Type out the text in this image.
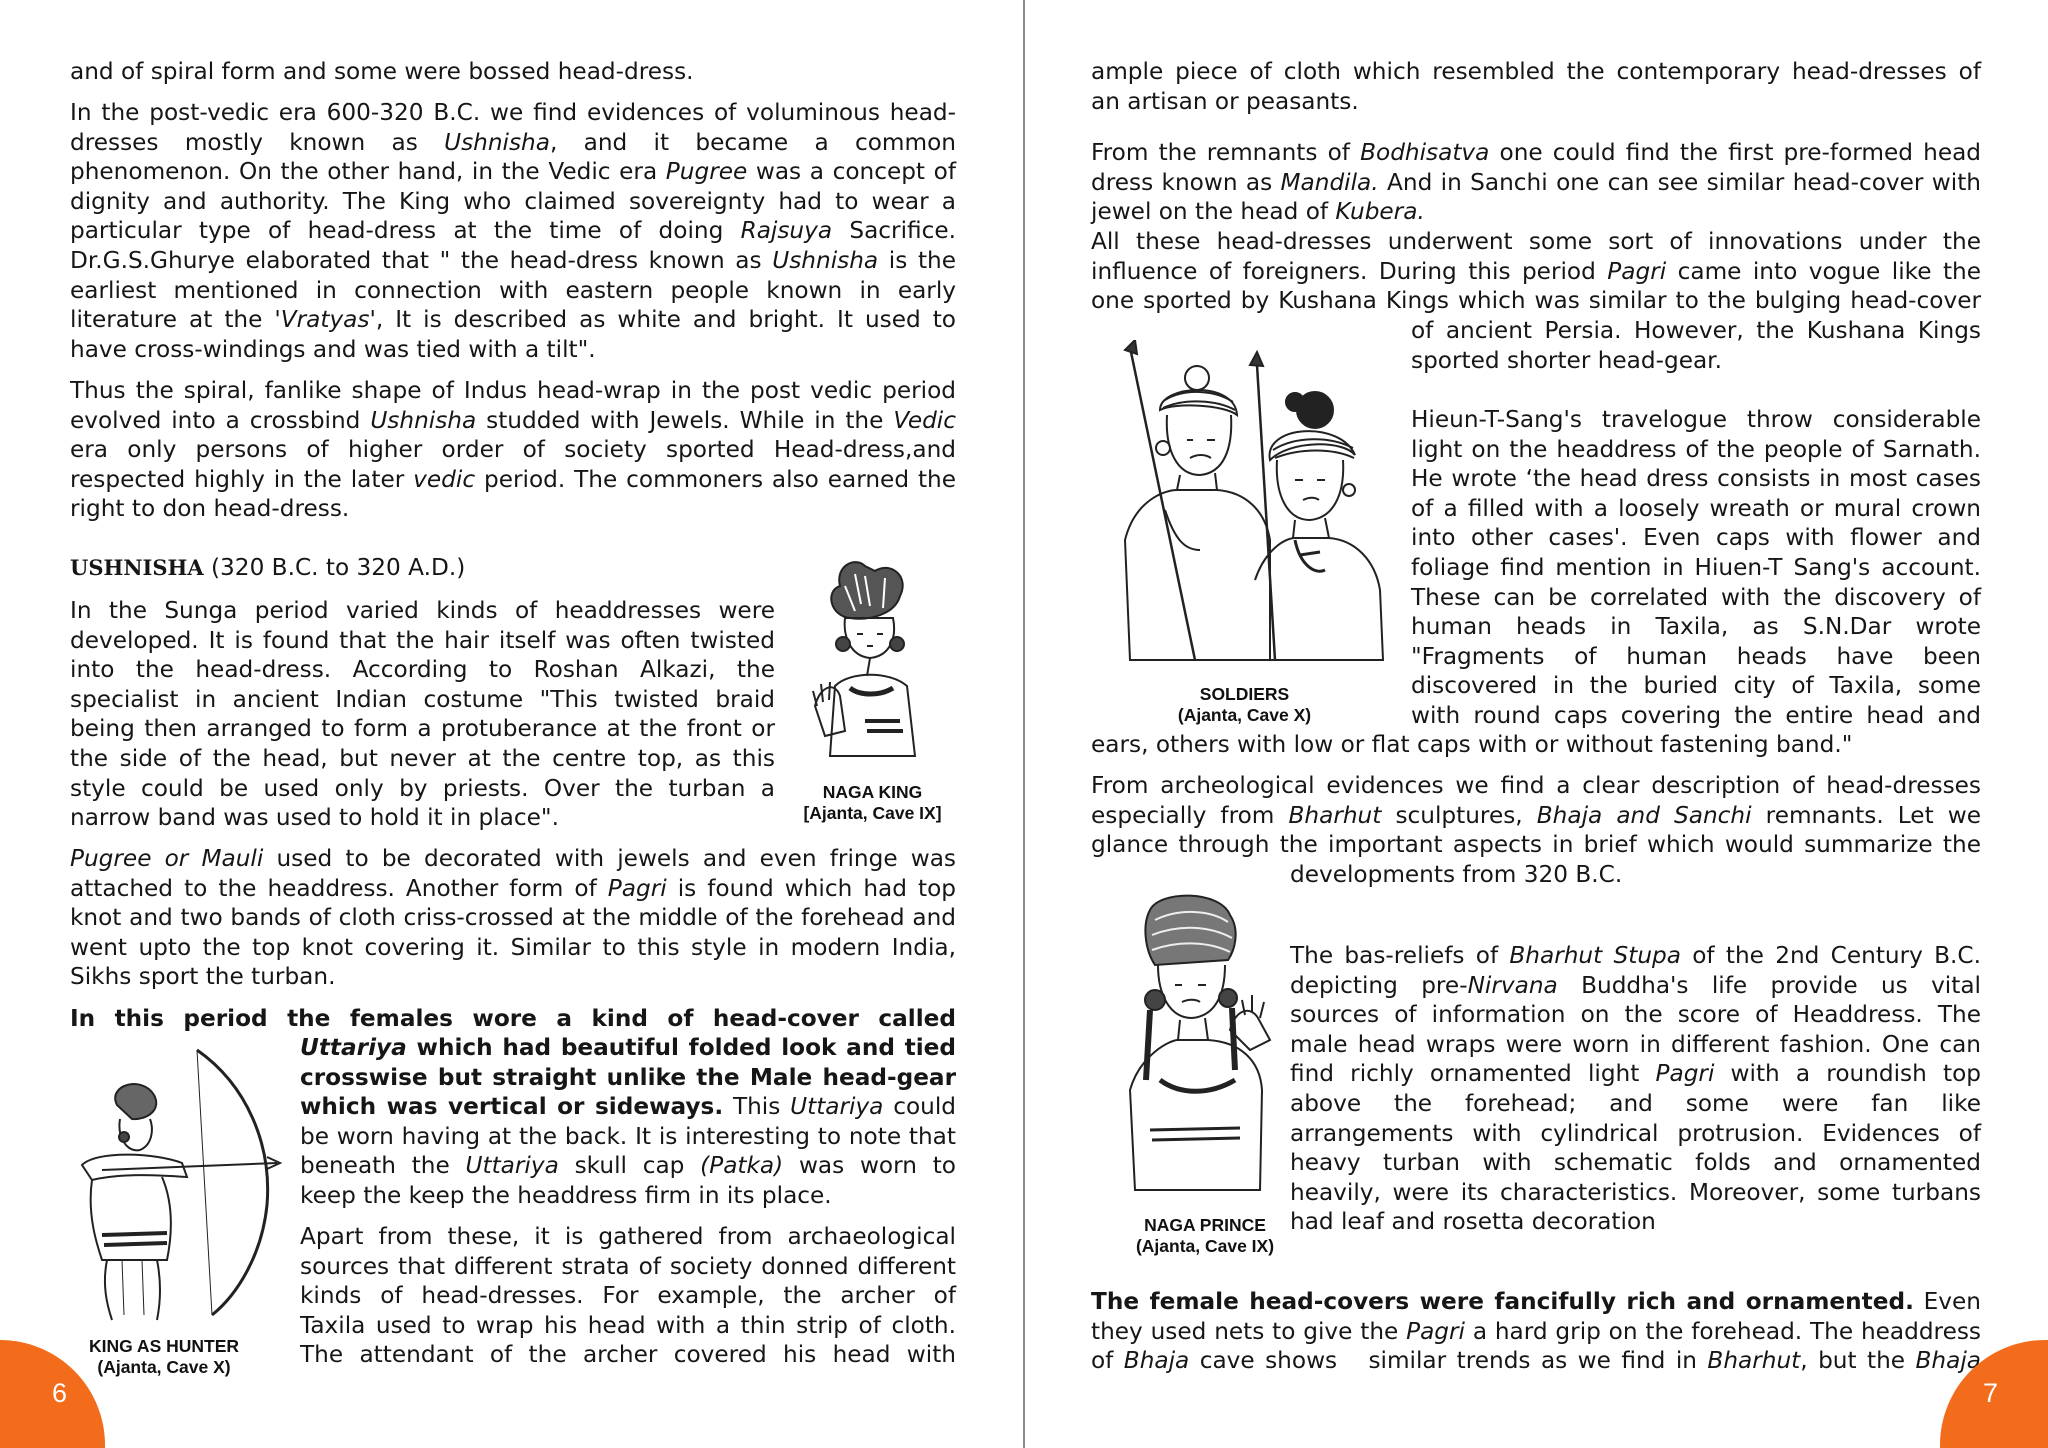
and of spiral form and some were bossed head-dress.

In the post-vedic era 600-320 B.C. we find evidences of voluminous head-
dresses mostly known as Ushnisha, and it became a common
phenomenon. On the other hand, in the Vedic era Pugree was a concept of
dignity and authority. The King who claimed sovereignty had to wear a
particular type of head-dress at the time of doing Rajsuya Sacrifice.
Dr.G.S.Ghurye elaborated that " the head-dress known as Ushnisha is the
earliest mentioned in connection with eastern people known in early
literature at the 'Vratyas', It is described as white and bright. It used to
have cross-windings and was tied with a tilt".

Thus the spiral, fanlike shape of Indus head-wrap in the post vedic period
evolved into a crossbind Ushnisha studded with Jewels. While in the Vedic
era only persons of higher order of society sported Head-dress,and
respected highly in the later vedic period. The commoners also earned the
right to don head-dress.

USHNISHA (320 B.C. to 320 A.D.)

In the Sunga period varied kinds of headdresses were
developed. It is found that the hair itself was often twisted
into the head-dress. According to Roshan Alkazi, the
specialist in ancient Indian costume "This twisted braid
being then arranged to form a protuberance at the front or
the side of the head, but never at the centre top, as this
style could be used only by priests. Over the turban a
narrow band was used to hold it in place".

NAGA KING
[Ajanta, Cave IX]

Pugree or Mauli used to be decorated with jewels and even fringe was
attached to the headdress. Another form of Pagri is found which had top
knot and two bands of cloth criss-crossed at the middle of the forehead and
went upto the top knot covering it. Similar to this style in modern India,
Sikhs sport the turban.

In this period the females wore a kind of head-cover called

Uttariya which had beautiful folded look and tied
crosswise but straight unlike the Male head-gear
which was vertical or sideways. This Uttariya could
be worn having at the back. It is interesting to note that
beneath the Uttariya skull cap (Patka) was worn to
keep the keep the headdress firm in its place.

Apart from these, it is gathered from archaeological
sources that different strata of society donned different
kinds of head-dresses. For example, the archer of
Taxila used to wrap his head with a thin strip of cloth.
The attendant of the archer covered his head with

KING AS HUNTER
(Ajanta, Cave X)
6

ample piece of cloth which resembled the contemporary head-dresses of
an artisan or peasants.

From the remnants of Bodhisatva one could find the first pre-formed head
dress known as Mandila. And in Sanchi one can see similar head-cover with
jewel on the head of Kubera.

All these head-dresses underwent some sort of innovations under the
influence of foreigners. During this period Pagri came into vogue like the
one sported by Kushana Kings which was similar to the bulging head-cover

of ancient Persia. However, the Kushana Kings
sported shorter head-gear.

Hieun-T-Sang's travelogue throw considerable
light on the headdress of the people of Sarnath.
He wrote ‘the head dress consists in most cases
of a filled with a loosely wreath or mural crown
into other cases'. Even caps with flower and
foliage find mention in Hiuen-T Sang's account.
These can be correlated with the discovery of
human heads in Taxila, as S.N.Dar wrote
"Fragments of human heads have been
discovered in the buried city of Taxila, some
with round caps covering the entire head and

ears, others with low or flat caps with or without fastening band."

SOLDIERS
(Ajanta, Cave X)

From archeological evidences we find a clear description of head-dresses
especially from Bharhut sculptures, Bhaja and Sanchi remnants. Let we
glance through the important aspects in brief which would summarize the

developments from 320 B.C.

NAGA PRINCE
(Ajanta, Cave IX)

The bas-reliefs of Bharhut Stupa of the 2nd Century B.C.
depicting pre-Nirvana Buddha's life provide us vital
sources of information on the score of Headdress. The
male head wraps were worn in different fashion. One can
find richly ornamented light Pagri with a roundish top
above the forehead; and some were fan like
arrangements with cylindrical protrusion. Evidences of
heavy turban with schematic folds and ornamented
heavily, were its characteristics. Moreover, some turbans
had leaf and rosetta decoration

The female head-covers were fancifully rich and ornamented. Even
they used nets to give the Pagri a hard grip on the forehead. The headdress
of Bhaja cave shows   similar trends as we find in Bharhut, but the Bhaja

7
